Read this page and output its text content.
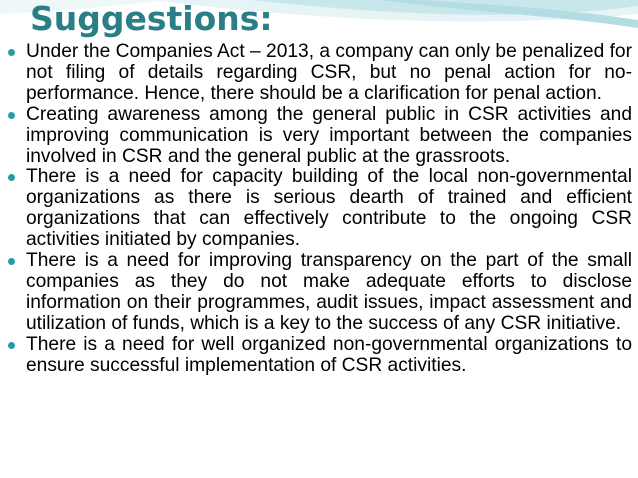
Suggestions:
Under the Companies Act – 2013, a company can only be penalized for not filing of details regarding CSR, but no penal action for no-performance. Hence, there should be a clarification for penal action.
Creating awareness among the general public in CSR activities and improving communication is very important between the companies involved in CSR and the general public at the grassroots.
There is a need for capacity building of the local non-governmental organizations as there is serious dearth of trained and efficient organizations that can effectively contribute to the ongoing CSR activities initiated by companies.
There is a need for improving transparency on the part of the small companies as they do not make adequate efforts to disclose information on their programmes, audit issues, impact assessment and utilization of funds, which is a key to the success of any CSR initiative.
There is a need for well organized non-governmental organizations to ensure successful implementation of CSR activities.
